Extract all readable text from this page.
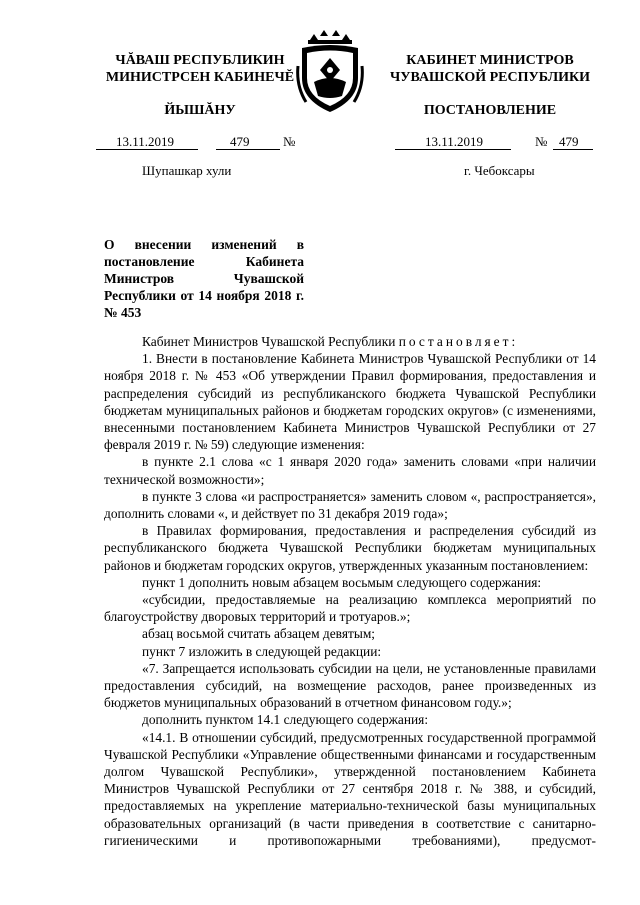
ЧĂВАШ РЕСПУБЛИКИН
МИНИСТРСЕН КАБИНЕЧĔ
ЙЫШĂНУ
КАБИНЕТ МИНИСТРОВ
ЧУВАШСКОЙ РЕСПУБЛИКИ
ПОСТАНОВЛЕНИЕ
13.11.2019	479	№	13.11.2019	№ 479
Шупашкар хули	г. Чебоксары
О внесении изменений в постановление Кабинета Министров Чувашской Республики от 14 ноября 2018 г. № 453

Кабинет Министров Чувашской Республики постановляет:

1. Внести в постановление Кабинета Министров Чувашской Республики от 14 ноября 2018 г. № 453 «Об утверждении Правил формирования, предоставления и распределения субсидий из республиканского бюджета Чувашской Республики бюджетам муниципальных районов и бюджетам городских округов» (с изменениями, внесенными постановлением Кабинета Министров Чувашской Республики от 27 февраля 2019 г. № 59) следующие изменения:

в пункте 2.1 слова «с 1 января 2020 года» заменить словами «при наличии технической возможности»;

в пункте 3 слова «и распространяется» заменить словом «, распространяется», дополнить словами «, и действует по 31 декабря 2019 года»;

в Правилах формирования, предоставления и распределения субсидий из республиканского бюджета Чувашской Республики бюджетам муниципальных районов и бюджетам городских округов, утвержденных указанным постановлением:

пункт 1 дополнить новым абзацем восьмым следующего содержания:

«субсидии, предоставляемые на реализацию комплекса мероприятий по благоустройству дворовых территорий и тротуаров.»;

абзац восьмой считать абзацем девятым;

пункт 7 изложить в следующей редакции:

«7. Запрещается использовать субсидии на цели, не установленные правилами предоставления субсидий, на возмещение расходов, ранее произведенных из бюджетов муниципальных образований в отчетном финансовом году.»;

дополнить пунктом 14.1 следующего содержания:

«14.1. В отношении субсидий, предусмотренных государственной программой Чувашской Республики «Управление общественными финансами и государственным долгом Чувашской Республики», утвержденной постановлением Кабинета Министров Чувашской Республики от 27 сентября 2018 г. № 388, и субсидий, предоставляемых на укрепление материально-технической базы муниципальных образовательных организаций (в части приведения в соответствие с санитарно-гигиеническими и противопожарными требованиями), предусмот-
